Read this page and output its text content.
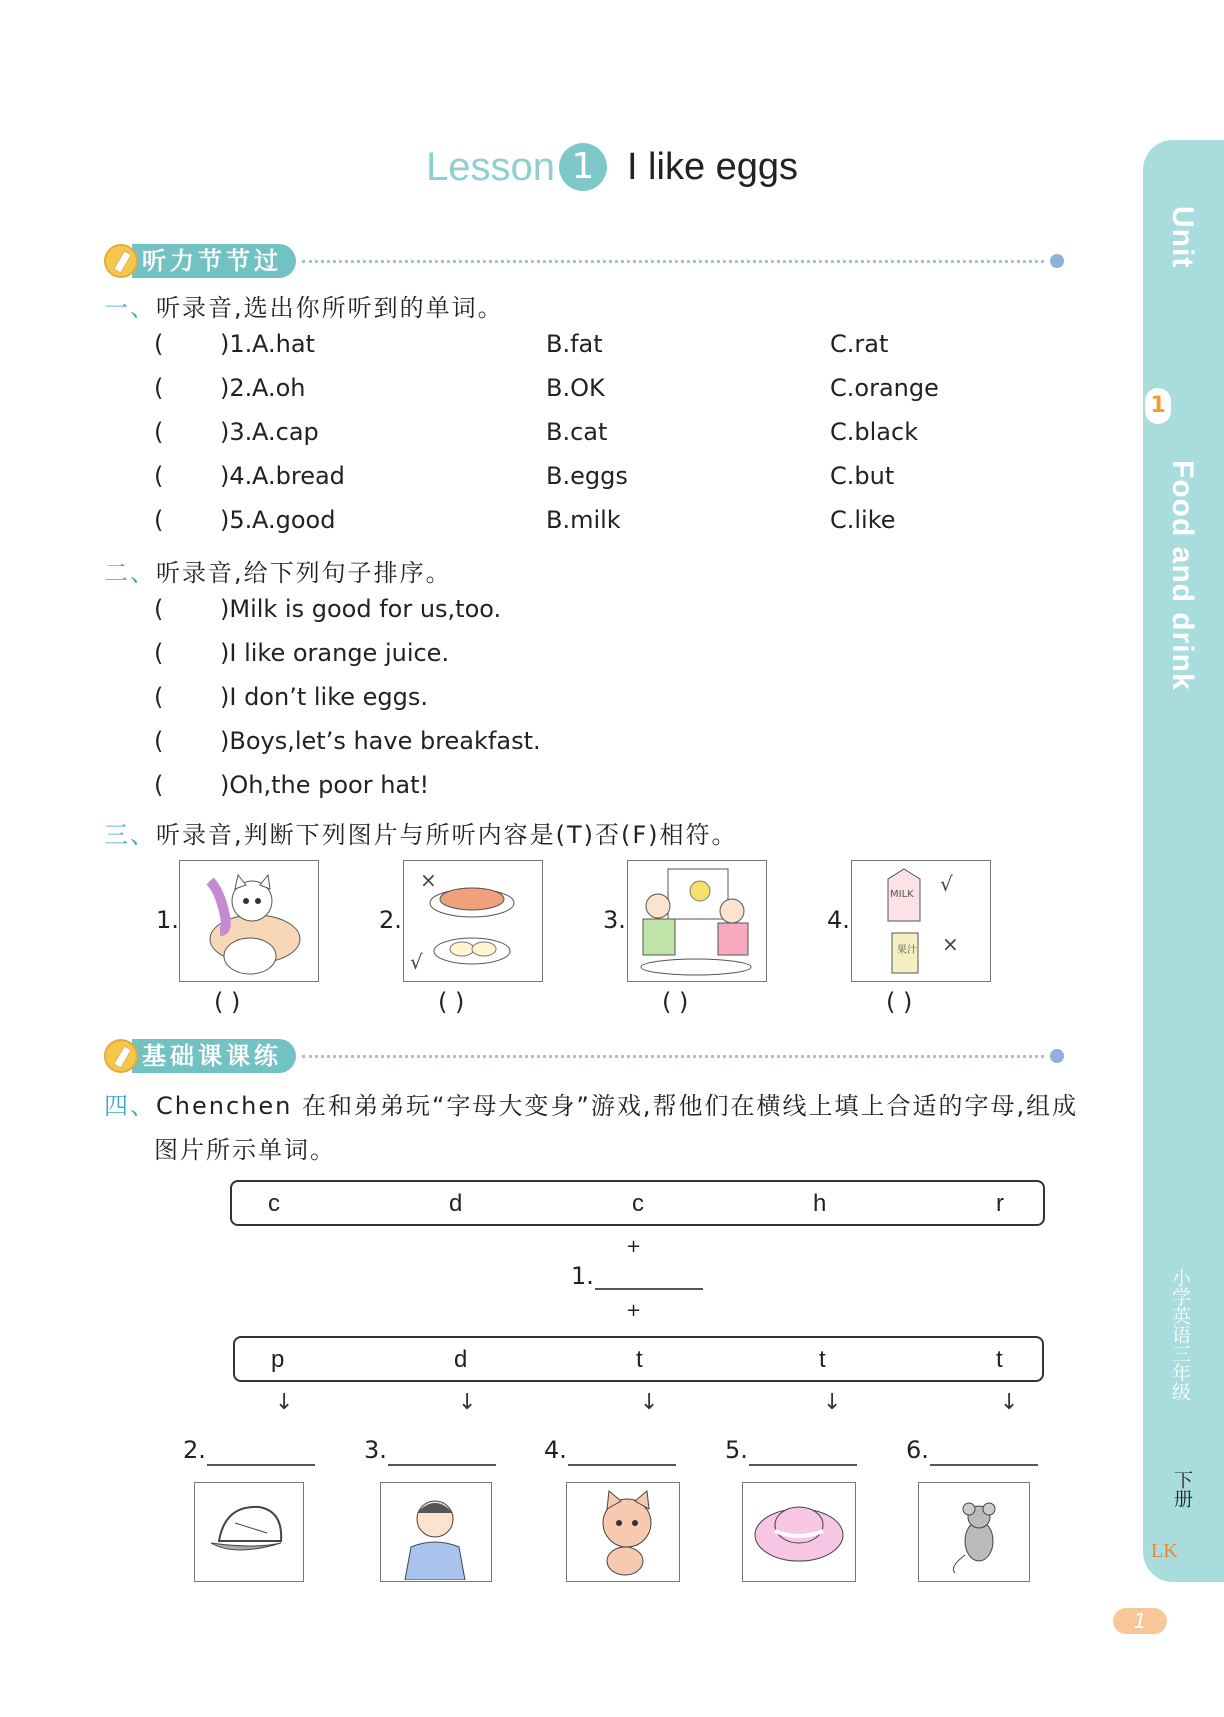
Lesson 1 I like eggs
Unit
1
Food and drink
小学英语三年级
下册
LK
1
听力节节过
一、听录音,选出你所听到的单词。
( )1. A.hat	B.fat	C.rat
( )2. A.oh	B.OK	C.orange
( )3. A.cap	B.cat	C.black
( )4. A.bread	B.eggs	C.but
( )5. A.good	B.milk	C.like
二、听录音,给下列句子排序。
( )Milk is good for us,too.
( )I like orange juice.
( )I don’t like eggs.
( )Boys,let’s have breakfast.
( )Oh,the poor hat!
三、听录音,判断下列图片与所听内容是(T)否(F)相符。
1.
( )
2.
×
√
( )
3.
( )
4.
MILK
果汁
√
×
( )
基础课课练
四、Chenchen 在和弟弟玩“字母大变身”游戏,帮他们在横线上填上合适的字母,组成
图片所示单词。
c	d	c	h	r
+
1.
+
p
↓
d
↓
t
↓
t
↓
t
↓
2.	3.	4.	5.	6.
